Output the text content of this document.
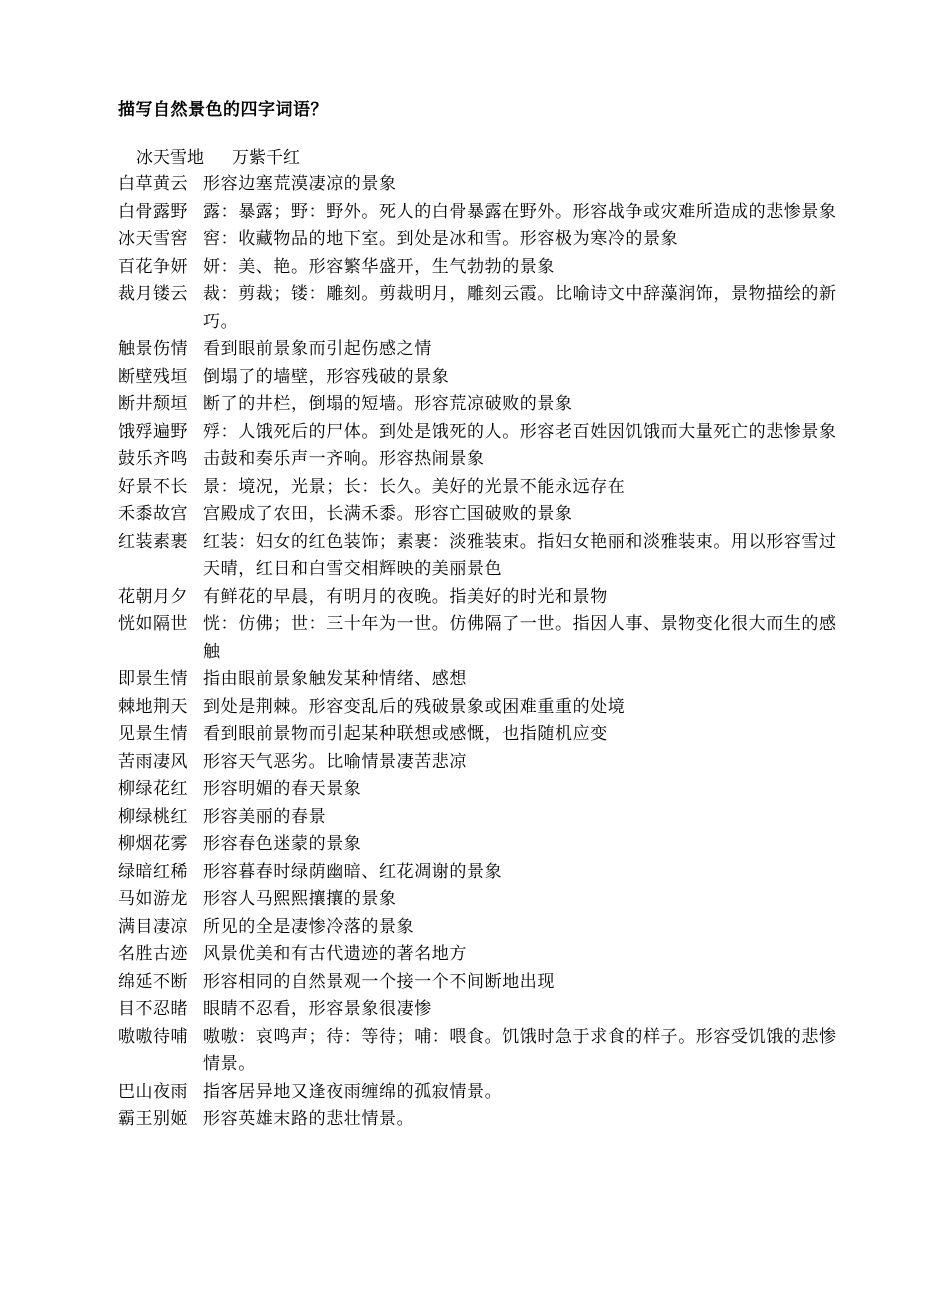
描写自然景色的四字词语？
冰天雪地 万紫千红
白草黄云 形容边塞荒漠凄凉的景象
白骨露野 露：暴露；野：野外。死人的白骨暴露在野外。形容战争或灾难所造成的悲惨景象
冰天雪窖 窖：收藏物品的地下室。到处是冰和雪。形容极为寒冷的景象
百花争妍 妍：美、艳。形容繁华盛开，生气勃勃的景象
裁月镂云 裁：剪裁；镂：雕刻。剪裁明月，雕刻云霞。比喻诗文中辞藻润饰，景物描绘的新巧。
触景伤情 看到眼前景象而引起伤感之情
断壁残垣 倒塌了的墙壁，形容残破的景象
断井颓垣 断了的井栏，倒塌的短墙。形容荒凉破败的景象
饿殍遍野 殍：人饿死后的尸体。到处是饿死的人。形容老百姓因饥饿而大量死亡的悲惨景象
鼓乐齐鸣 击鼓和奏乐声一齐响。形容热闹景象
好景不长 景：境况，光景；长：长久。美好的光景不能永远存在
禾黍故宫 宫殿成了农田，长满禾黍。形容亡国破败的景象
红装素裹 红装：妇女的红色装饰；素裹：淡雅装束。指妇女艳丽和淡雅装束。用以形容雪过天晴，红日和白雪交相辉映的美丽景色
花朝月夕 有鲜花的早晨，有明月的夜晚。指美好的时光和景物
恍如隔世 恍：仿佛；世：三十年为一世。仿佛隔了一世。指因人事、景物变化很大而生的感触
即景生情 指由眼前景象触发某种情绪、感想
棘地荆天 到处是荆棘。形容变乱后的残破景象或困难重重的处境
见景生情 看到眼前景物而引起某种联想或感慨，也指随机应变
苦雨凄风 形容天气恶劣。比喻情景凄苦悲凉
柳绿花红 形容明媚的春天景象
柳绿桃红 形容美丽的春景
柳烟花雾 形容春色迷蒙的景象
绿暗红稀 形容暮春时绿荫幽暗、红花凋谢的景象
马如游龙 形容人马熙熙攘攘的景象
满目凄凉 所见的全是凄惨冷落的景象
名胜古迹 风景优美和有古代遗迹的著名地方
绵延不断 形容相同的自然景观一个接一个不间断地出现
目不忍睹 眼睛不忍看，形容景象很凄惨
嗷嗷待哺 嗷嗷：哀鸣声；待：等待；哺：喂食。饥饿时急于求食的样子。形容受饥饿的悲惨情景。
巴山夜雨 指客居异地又逢夜雨缠绵的孤寂情景。
霸王别姬 形容英雄末路的悲壮情景。
